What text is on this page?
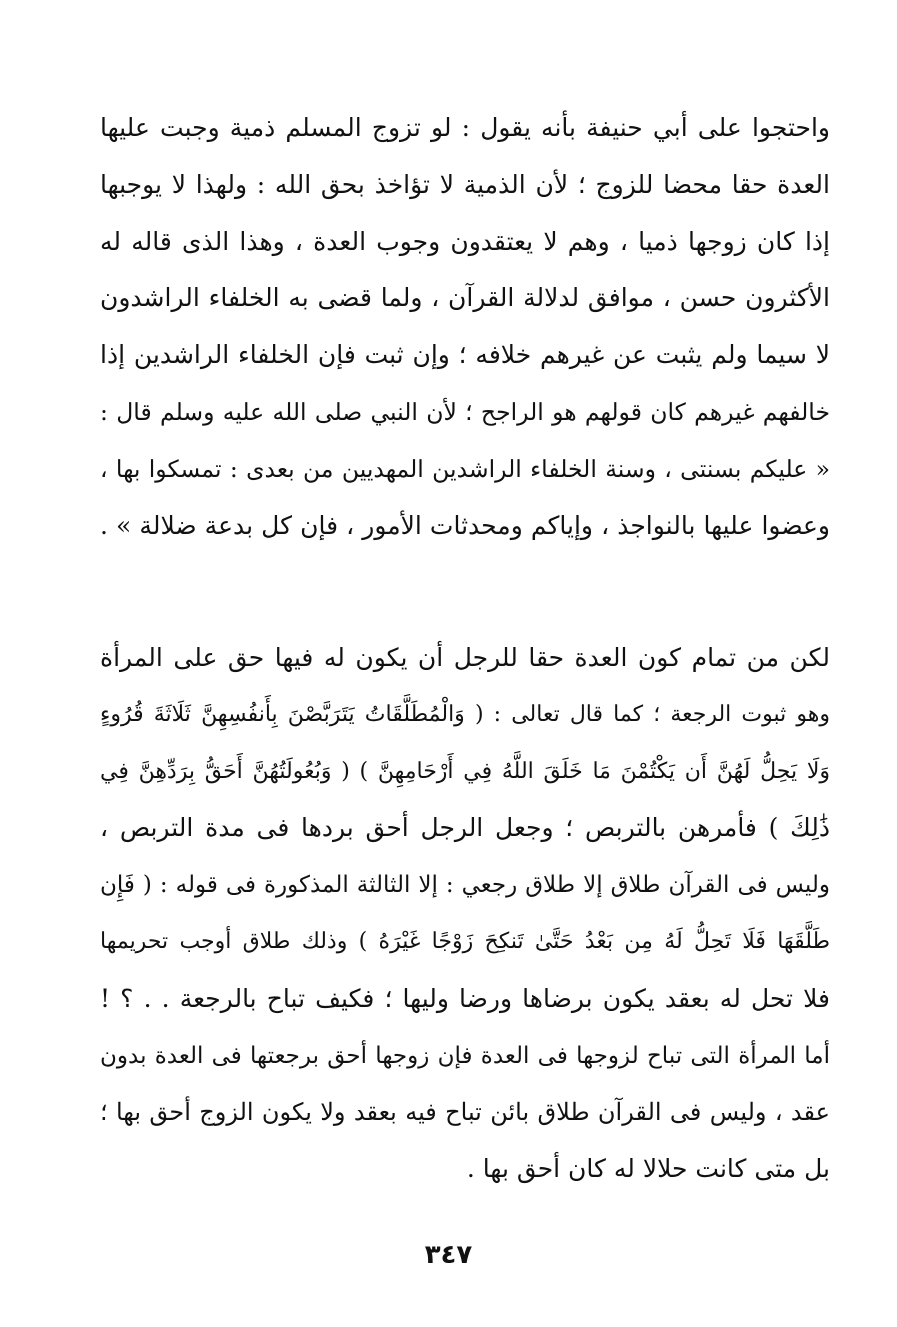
واحتجوا على أبي حنيفة بأنه يقول : لو تزوج المسلم ذمية وجبت عليها
العدة حقا محضا للزوج ؛ لأن الذمية لا تؤاخذ بحق الله : ولهذا لا يوجبها
إذا كان زوجها ذميا ، وهم لا يعتقدون وجوب العدة ، وهذا الذى قاله له
الأكثرون حسن ، موافق لدلالة القرآن ، ولما قضى به الخلفاء الراشدون
لا سيما ولم يثبت عن غيرهم خلافه ؛ وإن ثبت فإن الخلفاء الراشدين إذا
خالفهم غيرهم كان قولهم هو الراجح ؛ لأن النبي صلى الله عليه وسلم قال :
« عليكم بسنتى ، وسنة الخلفاء الراشدين المهديين من بعدى : تمسكوا بها ،
وعضوا عليها بالنواجذ ، وإياكم ومحدثات الأمور ، فإن كل بدعة ضلالة » .
لكن من تمام كون العدة حقا للرجل أن يكون له فيها حق على المرأة
وهو ثبوت الرجعة ؛ كما قال تعالى : ( وَالْمُطَلَّقَاتُ يَتَرَبَّصْنَ بِأَنفُسِهِنَّ ثَلَاثَةَ قُرُوءٍ
وَلَا يَحِلُّ لَهُنَّ أَن يَكْتُمْنَ مَا خَلَقَ اللَّهُ فِي أَرْحَامِهِنَّ ) ( وَبُعُولَتُهُنَّ أَحَقُّ بِرَدِّهِنَّ فِي
ذَٰلِكَ ) فأمرهن بالتربص ؛ وجعل الرجل أحق بردها فى مدة التربص ،
وليس فى القرآن طلاق إلا طلاق رجعي : إلا الثالثة المذكورة فى قوله : ( فَإِن
طَلَّقَهَا فَلَا تَحِلُّ لَهُ مِن بَعْدُ حَتَّىٰ تَنكِحَ زَوْجًا غَيْرَهُ ) وذلك طلاق أوجب تحريمها
فلا تحل له بعقد يكون برضاها ورضا وليها ؛ فكيف تباح بالرجعة . . ؟ !
أما المرأة التى تباح لزوجها فى العدة فإن زوجها أحق برجعتها فى العدة بدون
عقد ، وليس فى القرآن طلاق بائن تباح فيه بعقد ولا يكون الزوج أحق بها ؛
بل متى كانت حلالا له كان أحق بها .
٣٤٧
